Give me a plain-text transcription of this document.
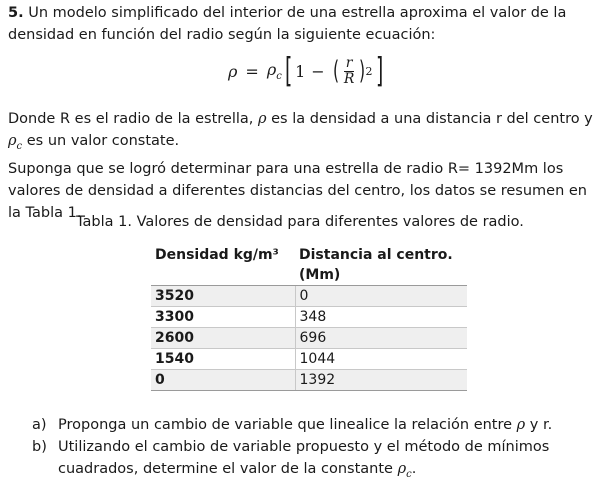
5. Un modelo simplificado del interior de una estrella aproxima el valor de la densidad en función del radio según la siguiente ecuación:
$\rho = \rho_c$ [ 1 − ( $\frac{r}{R}$ ) 2 ]
Donde R es el radio de la estrella, ρ es la densidad a una distancia r del centro y $\rho_c$ es un valor constate.
Suponga que se logró determinar para una estrella de radio R= 1392Mm los valores de densidad a diferentes distancias del centro, los datos se resumen en la Tabla 1.
Tabla 1. Valores de densidad para diferentes valores de radio.
Densidad kg/m³	Distancia al centro. (Mm)
3520	0
3300	348
2600	696
1540	1044
0	1392
a) Proponga un cambio de variable que linealice la relación entre ρ y r.
b) Utilizando el cambio de variable propuesto y el método de mínimos cuadrados, determine el valor de la constante $\rho_c$.
